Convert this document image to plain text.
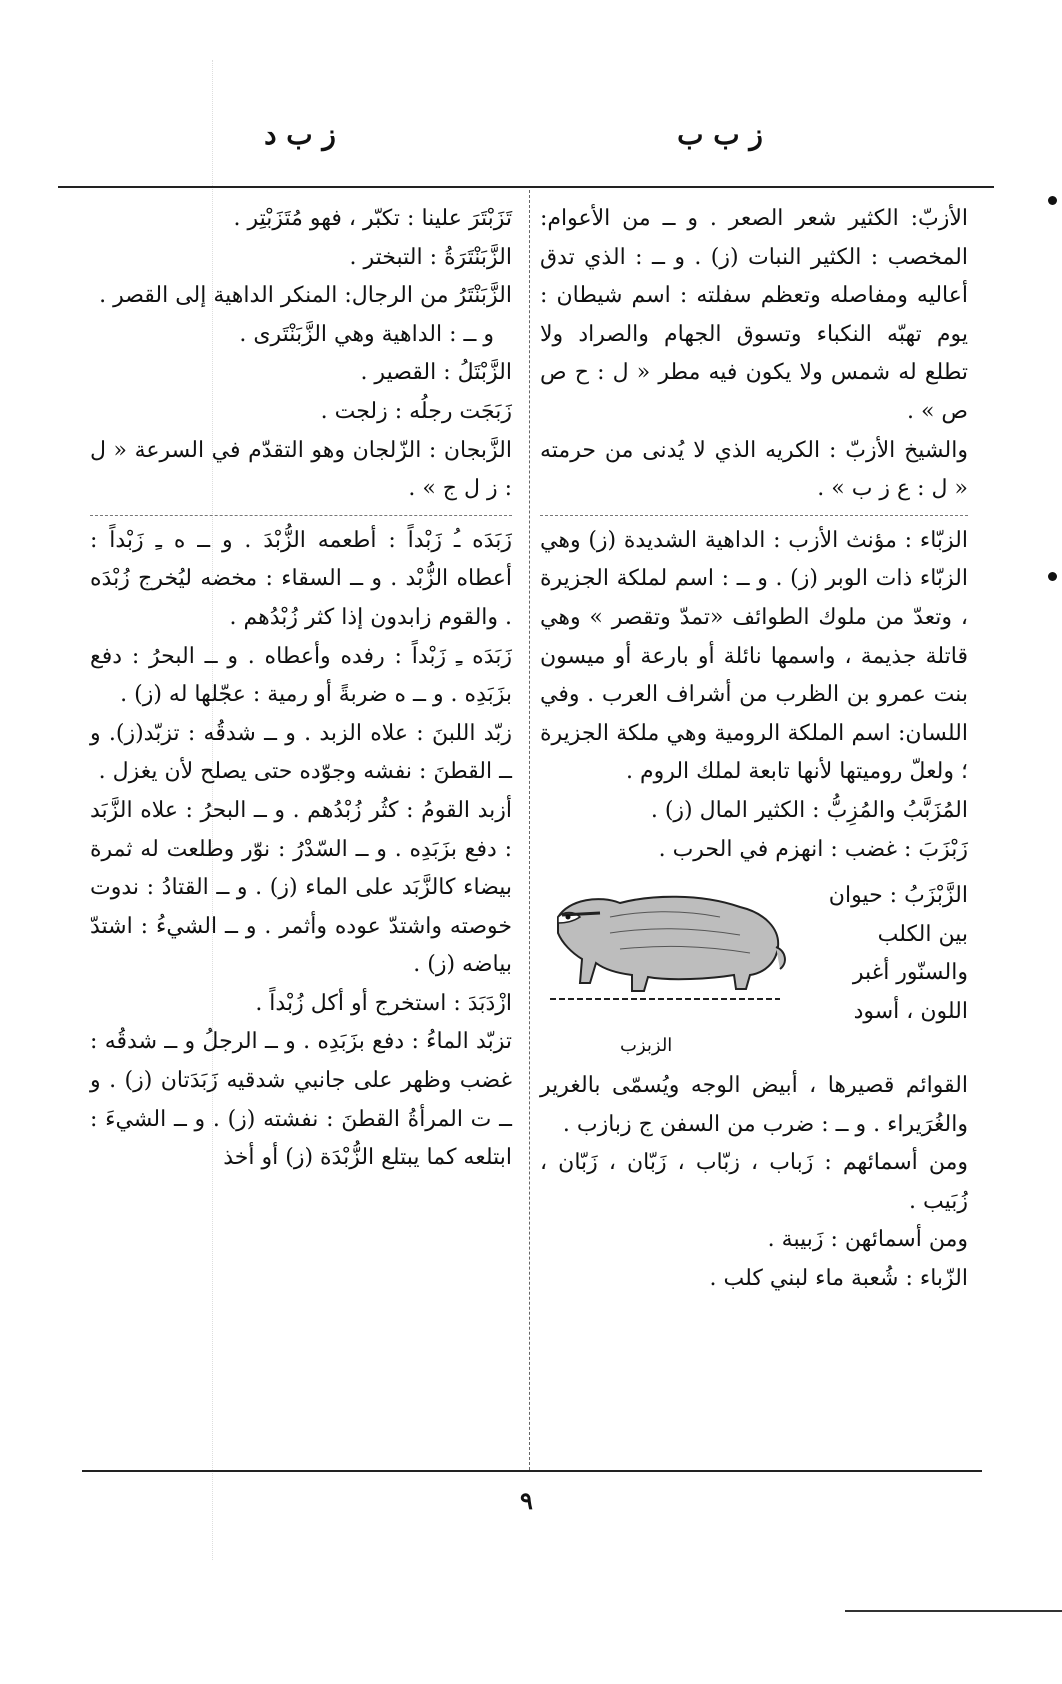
ز ب ب
ز ب د

الأزبّ: الكثير شعر الصعر . و ــ من الأعوام: المخصب : الكثير النبات (ز) . و ــ : الذي تدق أعاليه ومفاصله وتعظم سفلته : اسم شيطان : يوم تهبّه النكباء وتسوق الجهام والصراد ولا تطلع له شمس ولا يكون فيه مطر « ل : ح ص ص » .

والشيخ الأزبّ : الكريه الذي لا يُدنى من حرمته « ل : ع ز ب » .

الزبّاء : مؤنث الأزب : الداهية الشديدة (ز) وهي الزبّاء ذات الوبر (ز) . و ــ : اسم لملكة الجزيرة ، وتعدّ من ملوك الطوائف «تمدّ وتقصر » وهي قاتلة جذيمة ، واسمها نائلة أو بارعة أو ميسون بنت عمرو بن الظرب من أشراف العرب . وفي اللسان: اسم الملكة الرومية وهي ملكة الجزيرة ؛ ولعلّ روميتها لأنها تابعة لملك الروم .

المُزَبَّبُ والمُزِبُّ : الكثير المال (ز) .

زَبْزَبَ : غضب : انهزم في الحرب .

الزَّبْزَبُ : حيوان
بين الكلب
والسنّور أغبر
اللون ، أسود
الزبزب

القوائم قصيرها ، أبيض الوجه ويُسمّى بالغرير والغُرَيراء . و ــ : ضرب من السفن ج زبازب .

ومن أسمائهم : زَباب ، زبّاب ، زَبّان ، زَبّان ، زُبَيب .

ومن أسمائهن : زَبيبة .

الزّباء : شُعبة ماء لبني كلب .

تَزَبْتَرَ علينا : تكبّر ، فهو مُتَزَبْتِر .

الزَّبَنْتَرَةُ : التبختر .

الزَّبَنْتَرُ من الرجال: المنكر الداهية إلى القصر .

و ــ : الداهية وهي الزَّبَنْتَرى .

الزَّبْتَلُ : القصير .

زَبَجَت رجلُه : زلجت .

الزَّبجان : الزّلجان وهو التقدّم في السرعة « ل : ز ل ج » .

زَبَدَه ـُ زَبْداً : أطعمه الزُّبْدَ . و ــ ه ـِ زَبْداً : أعطاه الزُّبْد . و ــ السقاء : مخضه ليُخرج زُبْدَه . والقوم زابدون إذا كثر زُبْدُهم .

زَبَدَه ـِ زَبْداً : رفده وأعطاه . و ــ البحرُ : دفع بزَبَدِه . و ــ ه ضربةً أو رمية : عجّلها له (ز) .

زبّد اللبنَ : علاه الزبد . و ــ شدقُه : تزبّد(ز). و ــ القطنَ : نفشه وجوّده حتى يصلح لأن يغزل .

أزبد القومُ : كثُر زُبْدُهم . و ــ البحرُ : علاه الزَّبَد : دفع بزَبَدِه . و ــ السّدْرُ : نوّر وطلعت له ثمرة بيضاء كالزَّبَد على الماء (ز) . و ــ القتادُ : ندوت خوصته واشتدّ عوده وأثمر . و ــ الشيءُ : اشتدّ بياضه (ز) .

ازْدَبَدَ : استخرج أو أكل زُبْداً .

تزبّد الماءُ : دفع بزَبَدِه . و ــ الرجلُ و ــ شدقُه : غضب وظهر على جانبي شدقيه زَبَدَتان (ز) . و ــ ت المرأةُ القطنَ : نفشته (ز) . و ــ الشيءَ : ابتلعه كما يبتلع الزُّبْدَة (ز) أو أخذ

٩
